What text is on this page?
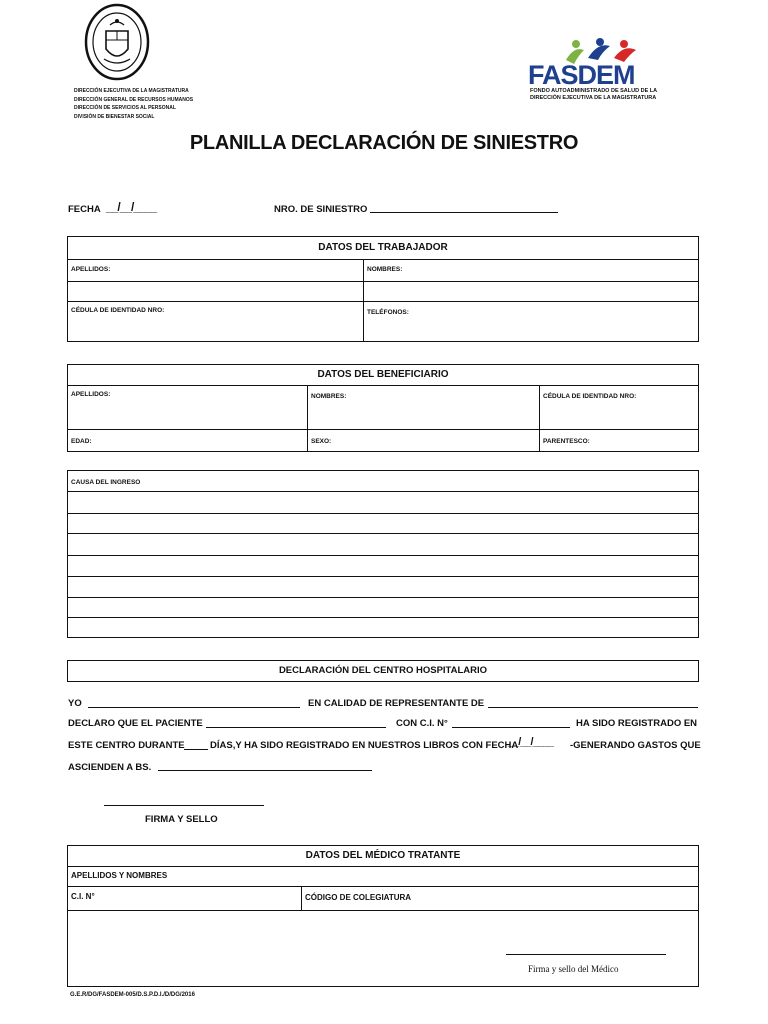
DIRECCIÓN EJECUTIVA DE LA MAGISTRATURA
DIRECCIÓN GENERAL DE RECURSOS HUMANOS
DIRECCIÓN DE SERVICIOS AL PERSONAL
DIVISIÓN DE BIENESTAR SOCIAL
FASDEM
FONDO AUTOADMINISTRADO DE SALUD DE LA
DIRECCIÓN EJECUTIVA DE LA MAGISTRATURA
PLANILLA DECLARACIÓN DE SINIESTRO
FECHA __/__/____	NRO. DE SINIESTRO
DATOS DEL TRABAJADOR
APELLIDOS:	NOMBRES:
CÉDULA DE IDENTIDAD NRO:	TELÉFONOS:
DATOS DEL BENEFICIARIO
APELLIDOS:	NOMBRES:	CÉDULA DE IDENTIDAD NRO:
EDAD:	SEXO:	PARENTESCO:
CAUSA DEL INGRESO
DECLARACIÓN DEL CENTRO HOSPITALARIO
YO	EN CALIDAD DE REPRESENTANTE DE
DECLARO QUE EL PACIENTE	CON C.I. N°	HA SIDO REGISTRADO EN
ESTE CENTRO DURANTE	DÍAS,Y HA SIDO REGISTRADO EN NUESTROS LIBROS CON FECHA
__/__/____ -GENERANDO GASTOS QUE
ASCIENDEN A BS.
FIRMA Y SELLO
DATOS DEL MÉDICO TRATANTE
APELLIDOS Y NOMBRES
C.I. N°	CÓDIGO DE COLEGIATURA
Firma y sello del Médico
G.E.R/DG/FASDEM-005/D.S.P.D.I./D/DG/2016
